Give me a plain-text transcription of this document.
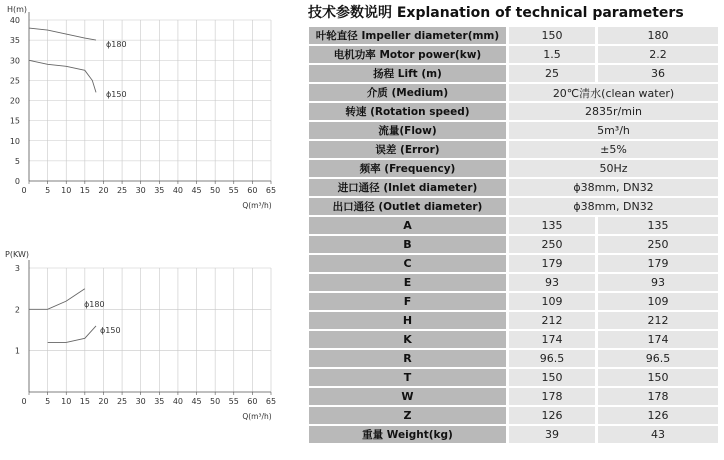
0 5 10 15 20 25 30 35 40 45 50 55 60 65
0
5
10
15
20
25
30
35
40
H(m)
Q(m³/h)
ϕ180
ϕ150
0 5 10 15 20 25 30 35 40 45 50 55 60 65
1
2
3
P(KW)
Q(m³/h)
ϕ180
ϕ150
技术参数说明 Explanation of technical parameters
叶轮直径 Impeller diameter(mm)		150		180
电机功率 Motor power(kw)		1.5		2.2
扬程 Lift (m)		25		36
介质 (Medium)		20℃清水(clean water)		
转速 (Rotation speed)		2835r/min		
流量(Flow)		5m³/h		
误差 (Error)		±5%		
频率 (Frequency)		50Hz		
进口通径 (Inlet diameter)		ϕ38mm, DN32		
出口通径 (Outlet diameter)		ϕ38mm, DN32		
A		135		135
B		250		250
C		179		179
E		93		93
F		109		109
H		212		212
K		174		174
R		96.5		96.5
T		150		150
W		178		178
Z		126		126
重量 Weight(kg)		39		43
